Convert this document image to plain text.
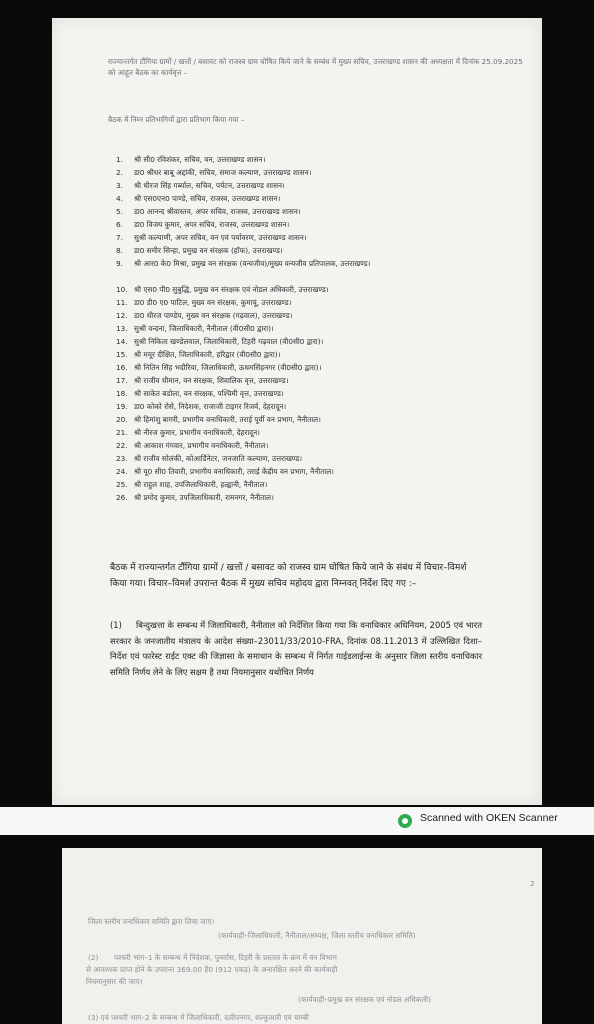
राज्यान्तर्गत टौंगिया ग्रामों / खत्तों / बसावट को राजस्व ग्राम घोषित किये जाने के सम्बंध में मुख्य सचिव, उत्तराखण्ड शासन की अध्यक्षता में दिनांक 25.09.2025 को आहूत बैठक का कार्यवृत्त –
बैठक में निम्न प्रतिभागियों द्वारा प्रतिभाग किया गया –
1.	श्री सी0 रविशंकर, सचिव, वन, उत्तराखण्ड शासन।
2.	डा0 श्रीधर बाबू अद्दांकी, सचिव, समाज कल्याण, उत्तराखण्ड शासन।
3.	श्री धीरज सिंह गर्ब्याल, सचिव, पर्यटन, उत्तराखण्ड शासन।
4.	श्री एस0एन0 पाण्डे, सचिव, राजस्व, उत्तराखण्ड शासन।
5.	डा0 आनन्द श्रीवास्तव, अपर सचिव, राजस्व, उत्तराखण्ड शासन।
6.	डा0 विजय कुमार, अपर सचिव, राजस्व, उत्तराखण्ड शासन।
7.	सुश्री कल्याणी, अपर सचिव, वन एवं पर्यावरण, उत्तराखण्ड शासन।
8.	डा0 समीर सिन्हा, प्रमुख वन संरक्षक (हॉफ), उत्तराखण्ड।
9.	श्री आर0 के0 मिश्रा, प्रमुख वन संरक्षक (वन्यजीव)/मुख्य वन्यजीव प्रतिपालक, उत्तराखण्ड।
10. श्री एस0 पी0 सुबुद्धि, प्रमुख वन संरक्षक एवं नोडल अधिकारी, उत्तराखण्ड।
11. डा0 डी0 ए0 पाटिल, मुख्य वन संरक्षक, कुमायूं, उत्तराखण्ड।
12. डा0 धीरज पाण्डेय, मुख्य वन संरक्षक (गढ़वाल), उत्तराखण्ड।
13. सुश्री वन्दना, जिलाधिकारी, नैनीताल (वी0सी0 द्वारा)।
14. सुश्री निकिता खण्डेलवाल, जिलाधिकारी, टिहरी गढ़वाल (वी0सी0 द्वारा)।
15. श्री मयूर दीक्षित, जिलाधिकारी, हरिद्वार (वी0सी0 द्वारा)।
16. श्री नितिन सिंह भदौरिया, जिलाधिकारी, ऊधमसिंहनगर (वी0सी0 द्वारा)।
17. श्री राजीव धीमान, वन संरक्षक, शिवालिक वृत्त, उत्तराखण्ड।
18. श्री साकेत बडोला, वन संरक्षक, पश्चिमी वृत्त, उत्तराखण्ड।
19. डा0 कोको रोसे, निदेशक, राजाजी टाइगर रिजर्व, देहरादून।
20. श्री हिमांशु बागरी, प्रभागीय वनाधिकारी, तराई पूर्वी वन प्रभाग, नैनीताल।
21. श्री नीरज कुमार, प्रभागीय वनाधिकारी, देहरादून।
22. श्री आकाश गंगवार, प्रभागीय वनाधिकारी, नैनीताल।
23. श्री राजीव सोलंकी, कोआर्डिनेटर, जनजाति कल्याण, उत्तराखण्ड।
24. श्री यू0 सी0 तिवारी, प्रभागीय वनाधिकारी, तराई केंद्रीय वन प्रभाग, नैनीताल।
25. श्री राहुल शाह, उपजिलाधिकारी, हल्द्वानी, नैनीताल।
26. श्री प्रमोद कुमार, उपजिलाधिकारी, रामनगर, नैनीताल।
बैठक में राज्यान्तर्गत टौंगिया ग्रामों / खत्तों / बसावट को राजस्व ग्राम घोषित किये जाने के संबंध में विचार–विमर्श किया गया। विचार–विमर्श उपरान्त बैठक में मुख्य सचिव महोदय द्वारा निम्नवत् निर्देश दिए गए :–
(1)	बिन्दुखत्ता के सम्बन्ध में जिलाधिकारी, नैनीताल को निर्देशित किया गया कि वनाधिकार अधिनियम, 2005 एवं भारत सरकार के जनजातीय मंत्रालय के आदेश संख्या–23011/33/2010-FRA, दिनांक 08.11.2013 में उल्लिखित दिशा–निर्देश एवं फारेस्ट राईट एक्ट की जिज्ञासा के समाधान के सम्बन्ध में निर्गत गाईडलाईन्स के अनुसार जिला स्तरीय वनाधिकार समिति निर्णय लेने के लिए सक्षम है तथा नियमानुसार यथोचित निर्णय
Scanned with OKEN Scanner
2
जिला स्तरीय वनाधिकार समिति द्वारा लिया जाए।
(कार्यवाही–जिलाधिकारी, नैनीताल/अध्यक्ष, जिला स्तरीय वनाधिकार समिति)
(2) पश्चरी भाग–1 के सम्बन्ध में निदेशक, पुनर्वास, टिहरी के प्रस्ताव के क्रम में वन विभाग
से आवश्यक प्राप्त होने के उपरान्त 369.00 है0 (912 एकड़) के अनारक्षित करने की कार्यवाही
नियमानुसार की जाए।
(कार्यवाही–प्रमुख वन संरक्षक एवं नोडल अधिकारी)
(3) एवं पश्चरी भाग–2 के सम्बन्ध में जिलाधिकारी, दलीपनगर, शल्कुआरी एवं चाम्बी
